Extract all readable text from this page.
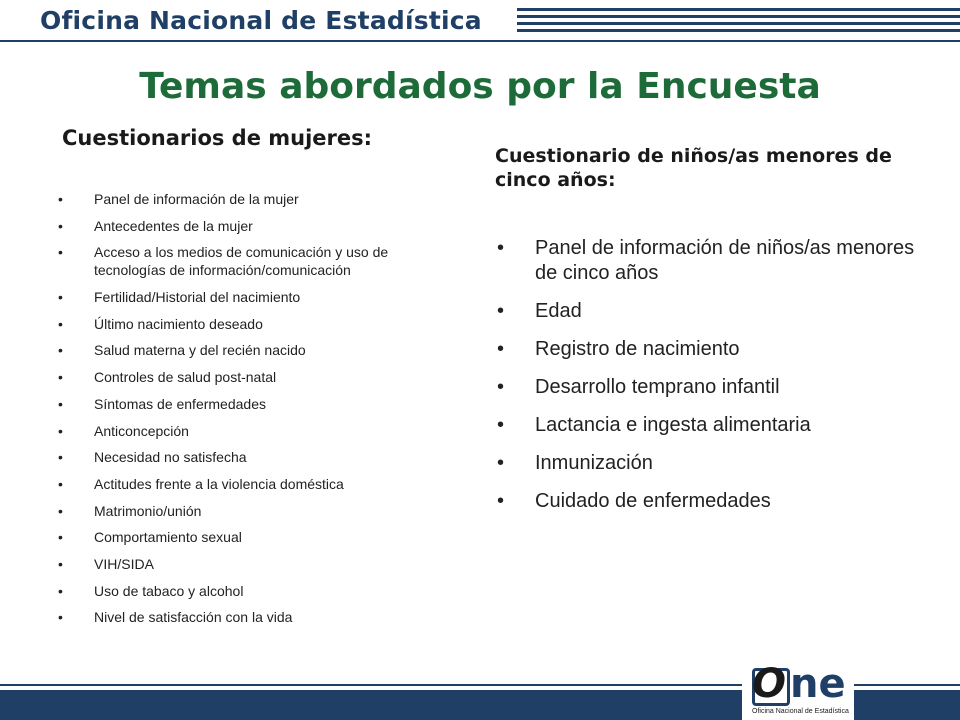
Oficina Nacional de Estadística
Temas abordados por la Encuesta
Cuestionarios de mujeres:
• Panel de información de la mujer
• Antecedentes de la mujer
• Acceso a los medios de comunicación y uso de tecnologías de información/comunicación
• Fertilidad/Historial del nacimiento
• Último nacimiento deseado
• Salud materna y del recién nacido
• Controles de salud post-natal
• Síntomas de enfermedades
• Anticoncepción
• Necesidad no satisfecha
• Actitudes frente a la violencia doméstica
• Matrimonio/unión
• Comportamiento sexual
• VIH/SIDA
• Uso de tabaco y alcohol
• Nivel de satisfacción con la vida
Cuestionario de niños/as menores de cinco años:
• Panel de información de niños/as menores de cinco años
• Edad
• Registro de nacimiento
• Desarrollo temprano infantil
• Lactancia e ingesta alimentaria
• Inmunización
• Cuidado de enfermedades
O ne
Oficina Nacional de Estadística
